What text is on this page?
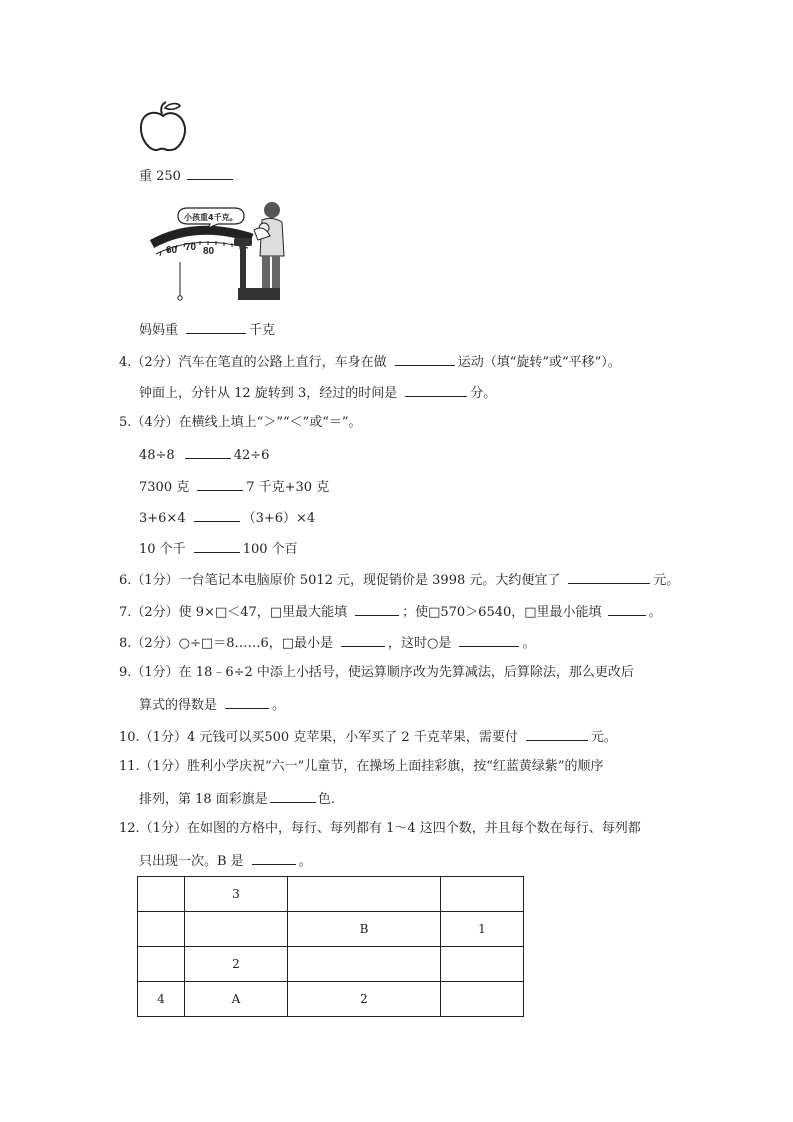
重 250
60 70 80
小孩重4千克。
妈妈重	千克
4.（2分）汽车在笔直的公路上直行，车身在做	运动（填“旋转”或“平移”）。
钟面上，分针从 12 旋转到 3，经过的时间是	分。
5.（4分）在横线上填上“＞”“＜”或“＝”。
48÷8	42÷6
7300 克	7 千克+30 克
3+6×4	（3+6）×4
10 个千	100 个百
6.（1分）一台笔记本电脑原价 5012 元，现促销价是 3998 元。大约便宜了	元。
7.（2分）使 9×□＜47，□里最大能填	；使□570＞6540，□里最小能填	。
8.（2分）○÷□＝8……6，□最小是	，这时○是	。
9.（1分）在 18﹣6÷2 中添上小括号，使运算顺序改为先算减法，后算除法，那么更改后
算式的得数是	。
10.（1分）4 元钱可以买500 克苹果，小军买了 2 千克苹果，需要付	元。
11.（1分）胜利小学庆祝“六一”儿童节，在操场上面挂彩旗，按“红蓝黄绿紫”的顺序
排列，第 18 面彩旗是	色.
12.（1分）在如图的方格中，每行、每列都有 1～4 这四个数，并且每个数在每行、每列都
只出现一次。B 是	。
	3		
		B	1
	2		
4	A	2	
